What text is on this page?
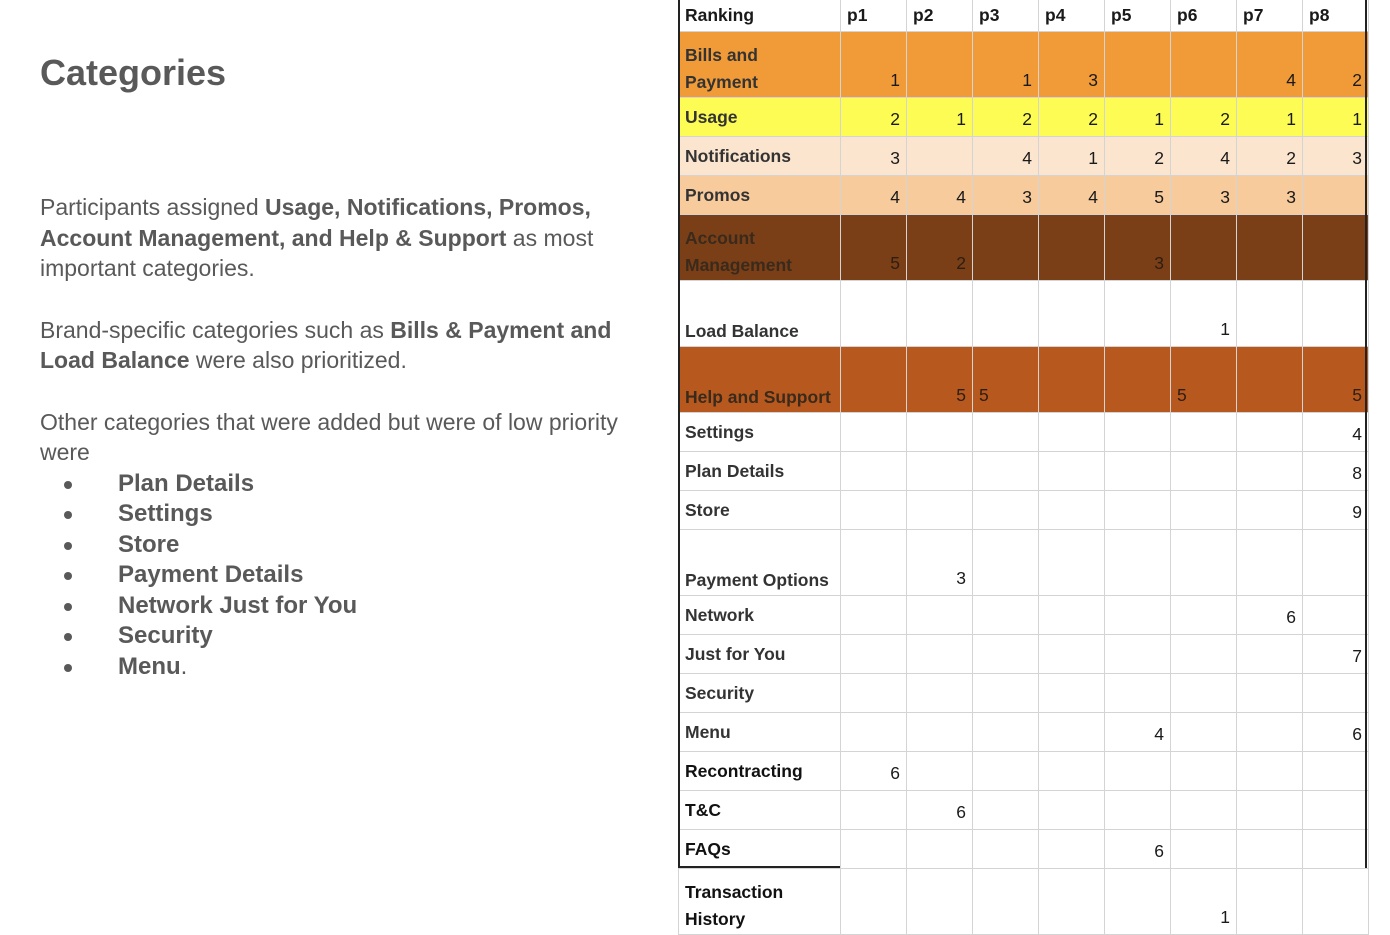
Categories

Participants assigned Usage, Notifications, Promos, Account Management, and Help & Support as most important categories.

Brand-specific categories such as Bills & Payment and Load Balance were also prioritized.

Other categories that were added but were of low priority were

Plan Details
Settings
Store
Payment Details
Network Just for You
Security
Menu.
Ranking	p1	p2	p3	p4	p5	p6	p7	p8
Bills and Payment	1		1	3			4	2
Usage	2	1	2	2	1	2	1	1
Notifications	3		4	1	2	4	2	3
Promos	4	4	3	4	5	3	3	
Account Management	5	2			3			
Load Balance						1		
Help and Support		5	5			5		5
Settings								4
Plan Details								8
Store								9
Payment Options		3						
Network							6	
Just for You								7
Security								
Menu					4			6
Recontracting	6							
T&C		6						
FAQs					6			
Transaction History						1		
